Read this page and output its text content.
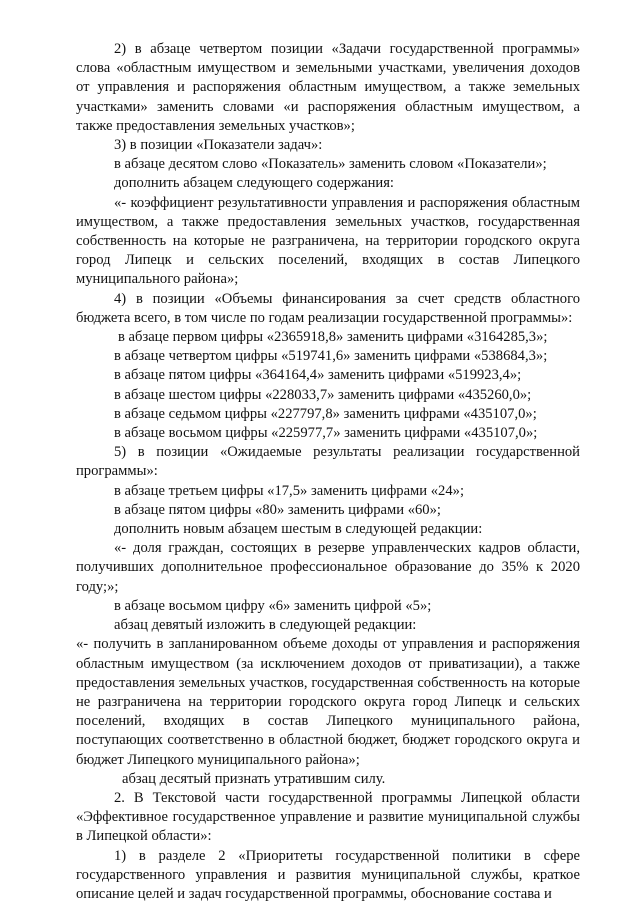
2) в абзаце четвертом позиции «Задачи государственной программы» слова «областным имуществом и земельными участками, увеличения доходов от управления и распоряжения областным имуществом, а также земельных участками» заменить словами «и распоряжения областным имуществом, а также предоставления земельных участков»;

3) в позиции «Показатели задач»:

в абзаце десятом слово «Показатель» заменить словом «Показатели»;

дополнить абзацем следующего содержания:

«- коэффициент результативности управления и распоряжения областным имуществом, а также предоставления земельных участков, государственная собственность на которые не разграничена, на территории городского округа город Липецк и сельских поселений, входящих в состав Липецкого муниципального района»;

4) в позиции «Объемы финансирования за счет средств областного бюджета всего, в том числе по годам реализации государственной программы»:

в абзаце первом цифры «2365918,8» заменить цифрами «3164285,3»;

в абзаце четвертом цифры «519741,6» заменить цифрами «538684,3»;

в абзаце пятом цифры «364164,4» заменить цифрами «519923,4»;

в абзаце шестом цифры «228033,7» заменить цифрами «435260,0»;

в абзаце седьмом цифры «227797,8» заменить цифрами «435107,0»;

в абзаце восьмом цифры «225977,7» заменить цифрами «435107,0»;

5) в позиции «Ожидаемые результаты реализации государственной программы»:

в абзаце третьем цифры «17,5» заменить цифрами «24»;

в абзаце пятом цифры «80» заменить цифрами «60»;

дополнить новым абзацем шестым в следующей редакции:

«- доля граждан, состоящих в резерве управленческих кадров области, получивших дополнительное профессиональное образование до 35% к 2020 году;»;

в абзаце восьмом цифру «6» заменить цифрой «5»;

абзац девятый изложить в следующей редакции:

«- получить в запланированном объеме доходы от управления и распоряжения областным имуществом (за исключением доходов от приватизации), а также предоставления земельных участков, государственная собственность на которые не разграничена на территории городского округа город Липецк и сельских поселений, входящих в состав Липецкого муниципального района, поступающих соответственно в областной бюджет, бюджет городского округа и бюджет Липецкого муниципального района»;

абзац десятый признать утратившим силу.

2. В Текстовой части государственной программы Липецкой области «Эффективное государственное управление и развитие муниципальной службы в Липецкой области»:

1) в разделе 2 «Приоритеты государственной политики в сфере государственного управления и развития муниципальной службы, краткое описание целей и задач государственной программы, обоснование состава и
